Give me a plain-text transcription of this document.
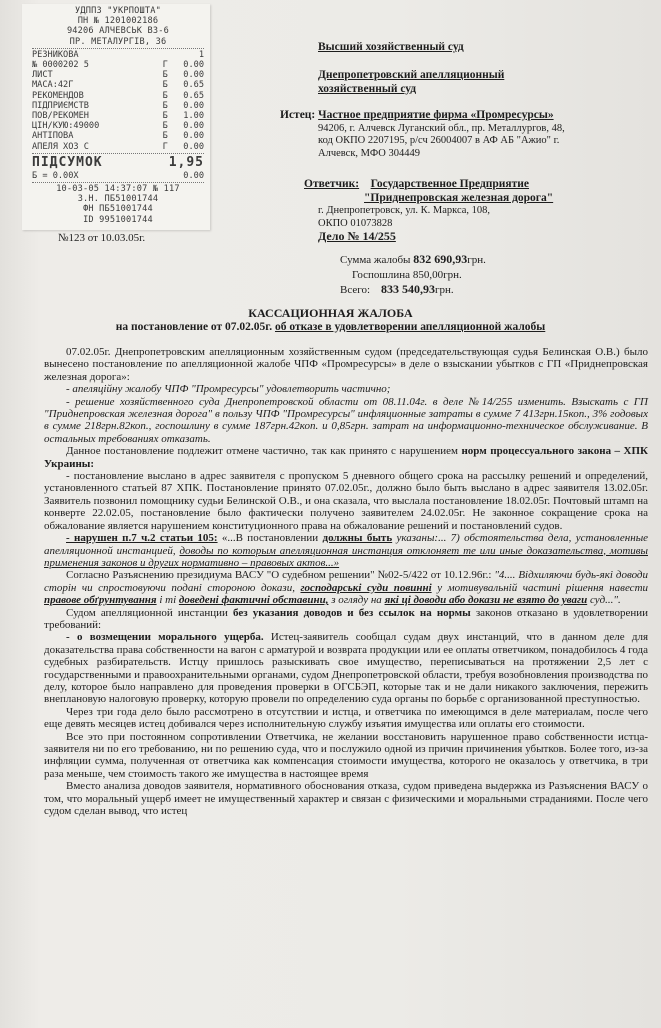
УДППЗ "УКРПОШТА"
ПН № 1201002186
94206 АЛЧЕВСЬК В3-6
ПР. МЕТАЛУРГІВ, 36
РЕЗНИКОВА	1
№ 0000202 5	Г 0.00
ЛИСТ	Б 0.00
МАСА:42Г	Б 0.65
РЕКОМЕНДОВ	Б 0.65
ПІДПРИЄМСТВ	Б 0.00
ПОВ/РЕКОМЕН	Б 1.00
ЦІН/КУЮ:49000	Б 0.00
АНТІПОВА	Б 0.00
АПЕЛЯ ХОЗ С	Г 0.00
ПІДСУМОК	1,95
Б = 0.00Х	0.00
10-03-05 14:37:07 № 117
З.Н. ПБ51001744
ФН ПБ51001744
ID 9951001744
№123 от 10.03.05г.
Высший хозяйственный суд
Днепропетровский апелляционный
хозяйственный суд
Истец: Частное предприятие фирма «Промресурсы»
94206, г. Алчевск Луганский обл., пр. Металлургов, 48,
код ОКПО 2207195, р/сч 26004007 в АФ АБ "Ажио" г.
Алчевск, МФО 304449
Ответчик: Государственное Предприятие
"Приднепровская железная дорога"
г. Днепропетровск, ул. К. Маркса, 108,
ОКПО 01073828
Дело № 14/255
Сумма жалобы 832 690,93грн.
Госпошлина 850,00грн.
Всего: 833 540,93грн.
КАССАЦИОННАЯ ЖАЛОБА
на постановление от 07.02.05г. об отказе в удовлетворении апелляционной жалобы

07.02.05г. Днепропетровским апелляционным хозяйственным судом (председательствующая судья Белинская О.В.) было вынесено постановление по апелляционной жалобе ЧПФ «Промресурсы» в деле о взыскании убытков с ГП «Приднепровская железная дорога»:

- апеляційну жалобу ЧПФ "Промресурсы" удовлетворить частично;

- решение хозяйственного суда Днепропетровской области от 08.11.04г. в деле №14/255 изменить. Взыскать с ГП "Приднепровская железная дорога" в пользу ЧПФ "Промресурсы" инфляционные затраты в сумме 7 413грн.15коп., 3% годовых в сумме 218грн.82коп., госпошлину в сумме 187грн.42коп. и 0,85грн. затрат на информационно-техническое обслуживание. В остальных требованиях отказать.

Данное постановление подлежит отмене частично, так как принято с нарушением норм процессуального закона – ХПК Украины:

- постановление выслано в адрес заявителя с пропуском 5 дневного общего срока на рассылку решений и определений, установленного статьей 87 ХПК. Постановление принято 07.02.05г., должно было быть выслано в адрес заявителя 13.02.05г. Заявитель позвонил помощнику судьи Белинской О.В., и она сказала, что выслала постановление 18.02.05г. Почтовый штамп на конверте 22.02.05, постановление было фактически получено заявителем 24.02.05г. Не законное сокращение срока на обжалование является нарушением конституционного права на обжалование решений и постановлений судов.

- нарушен п.7 ч.2 статьи 105: «...В постановлении должны быть указаны:... 7) обстоятельства дела, установленные апелляционной инстанцией, доводы по которым апелляционная инстанция отклоняет те или иные доказательства, мотивы применения законов и других нормативно – правовых актов...»

Согласно Разъяснению президиума ВАСУ "О судебном решении" №02-5/422 от 10.12.96г.: "4.... Відхиляючи будь-які доводи сторін чи спростовуючи подані стороною докази, господарські суди повинні у мотивувальній частині рішення навести правове обґрунтування і ті доведені фактичні обставини, з огляду на які ці доводи або докази не взято до уваги суд...".

Судом апелляционной инстанции без указания доводов и без ссылок на нормы законов отказано в удовлетворении требований:

- о возмещении морального ущерба. Истец-заявитель сообщал судам двух инстанций, что в данном деле для доказательства права собственности на вагон с арматурой и возврата продукции или ее оплаты ответчиком, понадобилось 4 года судебных разбирательств. Истцу пришлось разыскивать свое имущество, переписываться на протяжении 2,5 лет с государственными и правоохранительными органами, судом Днепропетровской области, требуя возобновления производства по делу, которое было направлено для проведения проверки в ОГСБЭП, которые так и не дали никакого заключения, пережить внеплановую налоговую проверку, которую провели по определению суда органы по борьбе с организованной преступностью.

Через три года дело было рассмотрено в отсутствии и истца, и ответчика по имеющимся в деле материалам, после чего еще девять месяцев истец добивался через исполнительную службу изъятия имущества или оплаты его стоимости.

Все это при постоянном сопротивлении Ответчика, не желании восстановить нарушенное право собственности истца-заявителя ни по его требованию, ни по решению суда, что и послужило одной из причин причинения убытков. Более того, из-за инфляции сумма, полученная от ответчика как компенсация стоимости имущества, которого не оказалось у ответчика, в три раза меньше, чем стоимость такого же имущества в настоящее время

Вместо анализа доводов заявителя, нормативного обоснования отказа, судом приведена выдержка из Разъяснения ВАСУ о том, что моральный ущерб имеет не имущественный характер и связан с физическими и моральными страданиями. После чего судом сделан вывод, что истец
